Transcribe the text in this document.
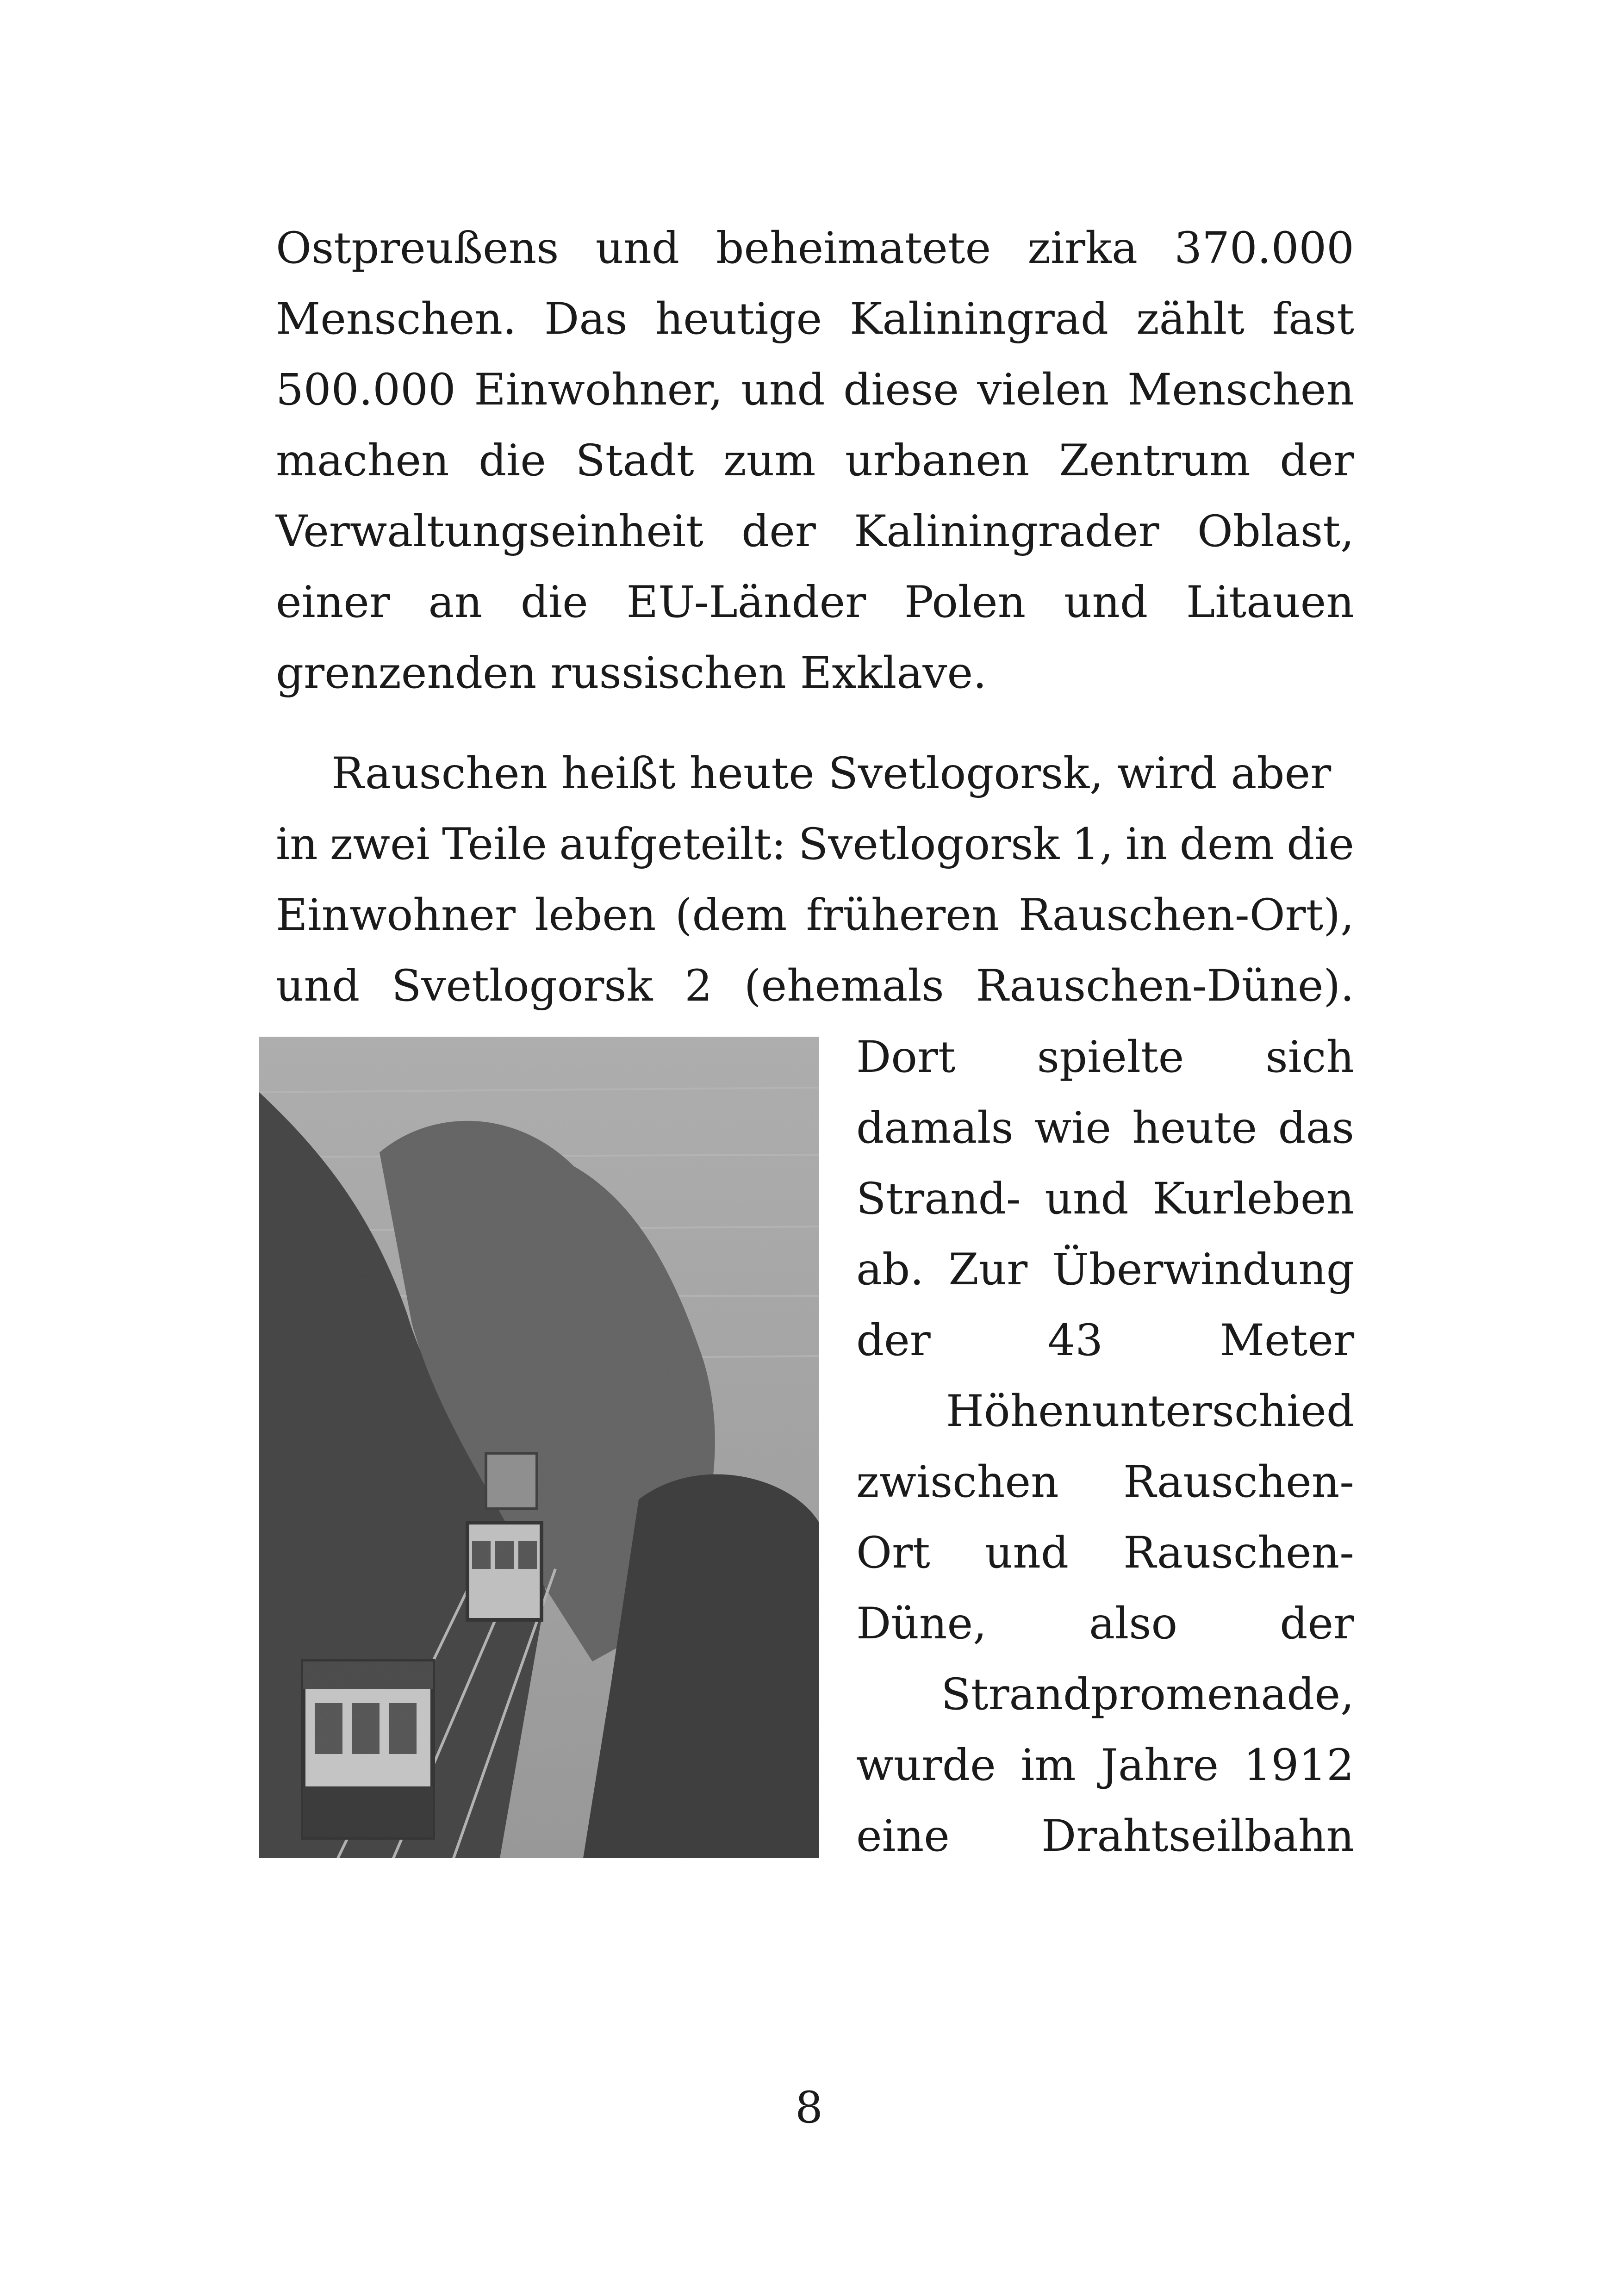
Ostpreußens und beheimatete zirka 370.000
Menschen. Das heutige Kaliningrad zählt fast
500.000 Einwohner, und diese vielen Menschen
machen die Stadt zum urbanen Zentrum der
Verwaltungseinheit der Kaliningrader Oblast,
einer an die EU-Länder Polen und Litauen
grenzenden russischen Exklave.
Rauschen heißt heute Svetlogorsk, wird aber
in zwei Teile aufgeteilt: Svetlogorsk 1, in dem die
Einwohner leben (dem früheren Rauschen-Ort),
und Svetlogorsk 2 (ehemals Rauschen-Düne).
Dort spielte sich
damals wie heute das
Strand- und Kurleben
ab. Zur Überwindung
der	43	Meter
Höhenunterschied
zwischen Rauschen-
Ort und Rauschen-
Düne, also der
Strandpromenade,
wurde im Jahre 1912
eine Drahtseilbahn
8
